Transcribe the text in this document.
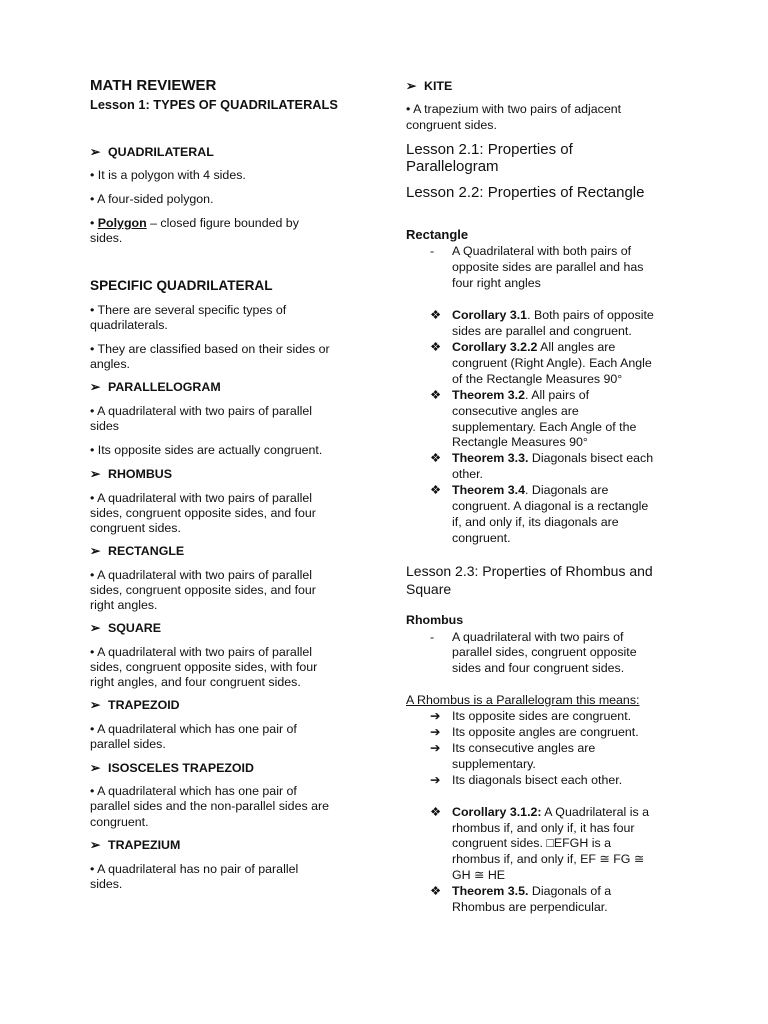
MATH REVIEWER
Lesson 1: TYPES OF QUADRILATERALS
➢ QUADRILATERAL
• It is a polygon with 4 sides.
• A four-sided polygon.
• Polygon – closed figure bounded by
sides.
SPECIFIC QUADRILATERAL
• There are several specific types of
quadrilaterals.
• They are classified based on their sides or
angles.
➢ PARALLELOGRAM
• A quadrilateral with two pairs of parallel
sides
• Its opposite sides are actually congruent.
➢ RHOMBUS
• A quadrilateral with two pairs of parallel
sides, congruent opposite sides, and four
congruent sides.
➢ RECTANGLE
• A quadrilateral with two pairs of parallel
sides, congruent opposite sides, and four
right angles.
➢ SQUARE
• A quadrilateral with two pairs of parallel
sides, congruent opposite sides, with four
right angles, and four congruent sides.
➢ TRAPEZOID
• A quadrilateral which has one pair of
parallel sides.
➢ ISOSCELES TRAPEZOID
• A quadrilateral which has one pair of
parallel sides and the non-parallel sides are
congruent.
➢ TRAPEZIUM
• A quadrilateral has no pair of parallel
sides.
➢ KITE
• A trapezium with two pairs of adjacent
congruent sides.
Lesson 2.1: Properties of
Parallelogram
Lesson 2.2: Properties of Rectangle
Rectangle
- A Quadrilateral with both pairs of
opposite sides are parallel and has
four right angles
❖ Corollary 3.1. Both pairs of opposite
sides are parallel and congruent.
❖ Corollary 3.2.2 All angles are
congruent (Right Angle). Each Angle
of the Rectangle Measures 90°
❖ Theorem 3.2. All pairs of
consecutive angles are
supplementary. Each Angle of the
Rectangle Measures 90°
❖ Theorem 3.3. Diagonals bisect each
other.
❖ Theorem 3.4. Diagonals are
congruent. A diagonal is a rectangle
if, and only if, its diagonals are
congruent.
Lesson 2.3: Properties of Rhombus and
Square
Rhombus
- A quadrilateral with two pairs of
parallel sides, congruent opposite
sides and four congruent sides.
A Rhombus is a Parallelogram this means:
➔ Its opposite sides are congruent.
➔ Its opposite angles are congruent.
➔ Its consecutive angles are
supplementary.
➔ Its diagonals bisect each other.
❖ Corollary 3.1.2: A Quadrilateral is a
rhombus if, and only if, it has four
congruent sides. □EFGH is a
rhombus if, and only if, EF ≅ FG ≅
GH ≅ HE
❖ Theorem 3.5. Diagonals of a
Rhombus are perpendicular.
